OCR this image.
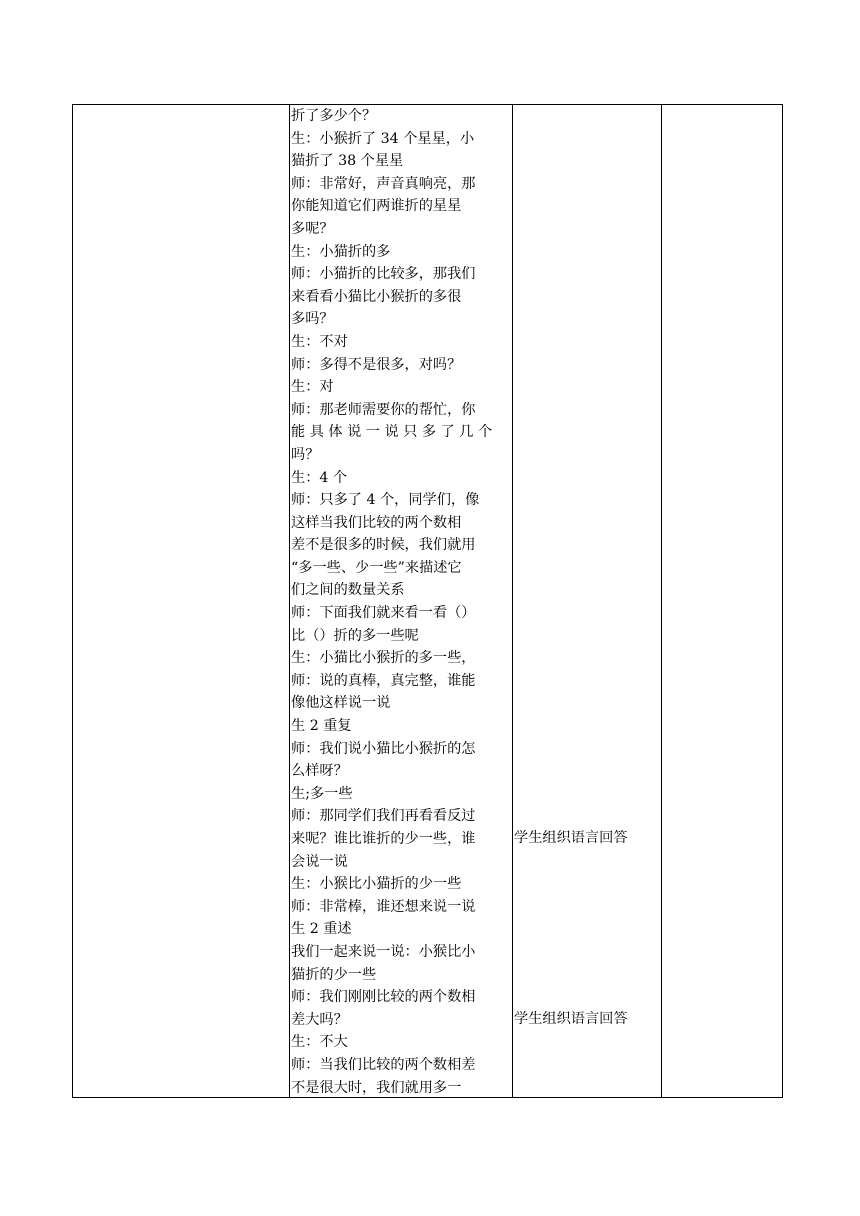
折了多少个？
生：小猴折了 34 个星星，小
猫折了 38 个星星
师：非常好，声音真响亮，那
你能知道它们两谁折的星星
多呢？
生：小猫折的多
师：小猫折的比较多，那我们
来看看小猫比小猴折的多很
多吗？
生：不对
师：多得不是很多，对吗？
生：对
师：那老师需要你的帮忙，你
能 具 体 说 一 说 只 多 了 几 个
吗？
生：4 个
师：只多了 4 个，同学们，像
这样当我们比较的两个数相
差不是很多的时候，我们就用
“多一些、少一些”来描述它
们之间的数量关系
师：下面我们就来看一看（）
比（）折的多一些呢
生：小猫比小猴折的多一些，
师：说的真棒，真完整，谁能
像他这样说一说
生 2 重复
师：我们说小猫比小猴折的怎
么样呀？
生;多一些
师：那同学们我们再看看反过
来呢？谁比谁折的少一些，谁
会说一说
生：小猴比小猫折的少一些
师：非常棒，谁还想来说一说
生 2 重述
我们一起来说一说：小猴比小
猫折的少一些
师：我们刚刚比较的两个数相
差大吗？
生：不大
师：当我们比较的两个数相差
不是很大时，我们就用多一
学生组织语言回答
学生组织语言回答
